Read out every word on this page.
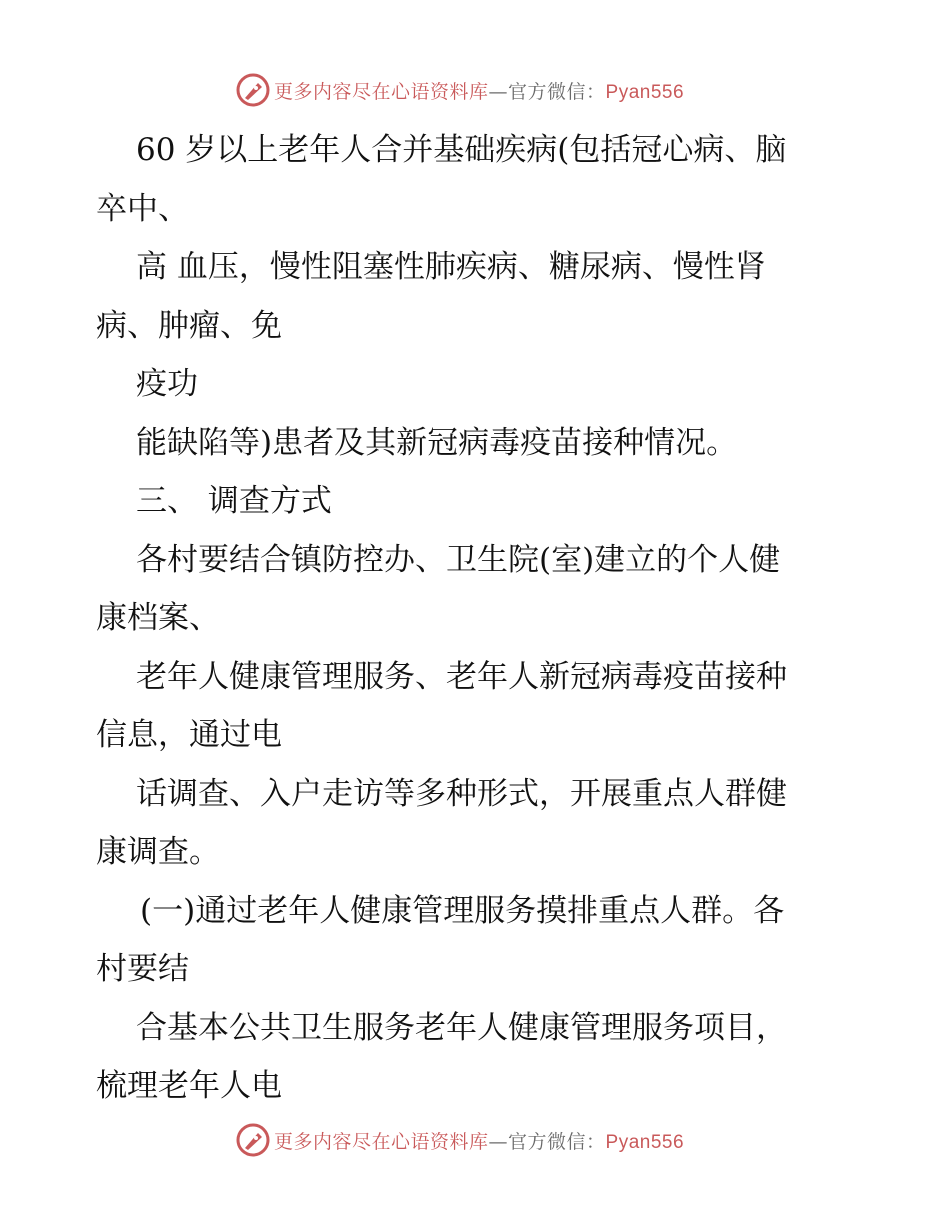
更多内容尽在心语资料库—官方微信：Pyan556
60 岁以上老年人合并基础疾病(包括冠心病、脑
卒中、
高 血压，慢性阻塞性肺疾病、糖尿病、慢性肾
病、肿瘤、免
疫功
能缺陷等)患者及其新冠病毒疫苗接种情况。
三、 调查方式
各村要结合镇防控办、卫生院(室)建立的个人健
康档案、
老年人健康管理服务、老年人新冠病毒疫苗接种
信息，通过电
话调查、入户走访等多种形式，开展重点人群健
康调查。
(一)通过老年人健康管理服务摸排重点人群。各
村要结
合基本公共卫生服务老年人健康管理服务项目，
梳理老年人电
更多内容尽在心语资料库—官方微信：Pyan556
